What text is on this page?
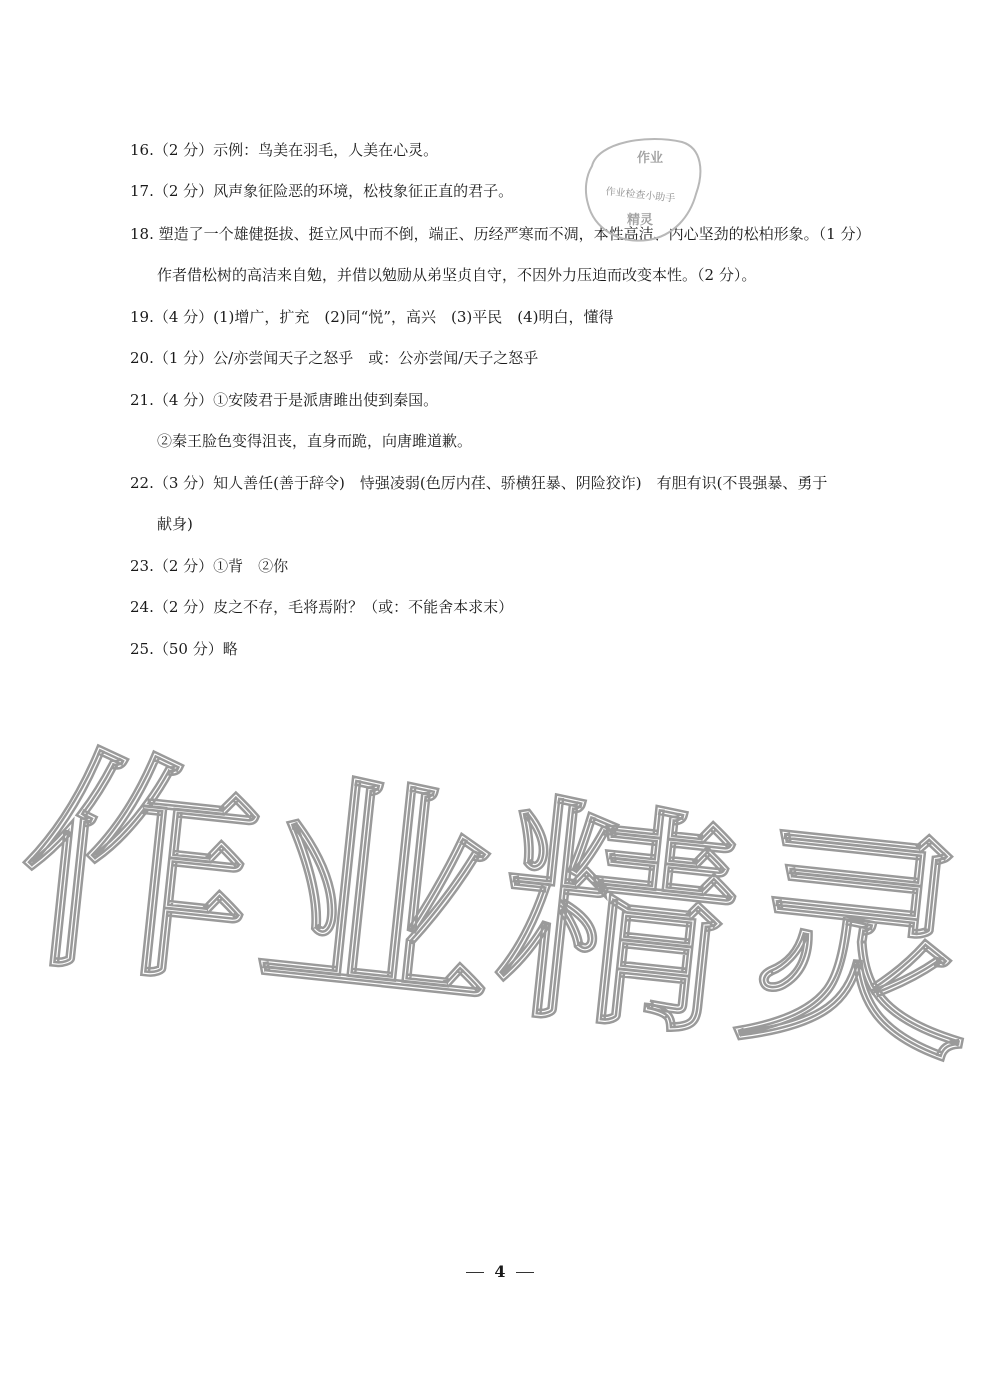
16.（2 分）示例：鸟美在羽毛，人美在心灵。
17.（2 分）风声象征险恶的环境，松枝象征正直的君子。
18. 塑造了一个雄健挺拔、挺立风中而不倒，端正、历经严寒而不凋，本性高洁、内心坚劲的松柏形象。（1 分）
作者借松树的高洁来自勉，并借以勉励从弟坚贞自守，不因外力压迫而改变本性。（2 分）。
19.（4 分）(1)增广，扩充　(2)同“悦”，高兴　(3)平民　(4)明白，懂得
20.（1 分）公/亦尝闻天子之怒乎　或：公亦尝闻/天子之怒乎
21.（4 分）①安陵君于是派唐雎出使到秦国。
②秦王脸色变得沮丧，直身而跪，向唐雎道歉。
22.（3 分）知人善任(善于辞令)　恃强凌弱(色厉内荏、骄横狂暴、阴险狡诈)　有胆有识(不畏强暴、勇于
献身)
23.（2 分）①背　②你
24.（2 分）皮之不存，毛将焉附？（或：不能舍本求末）
25.（50 分）略
作业
作业检查小助手
精灵
作业精灵
4
